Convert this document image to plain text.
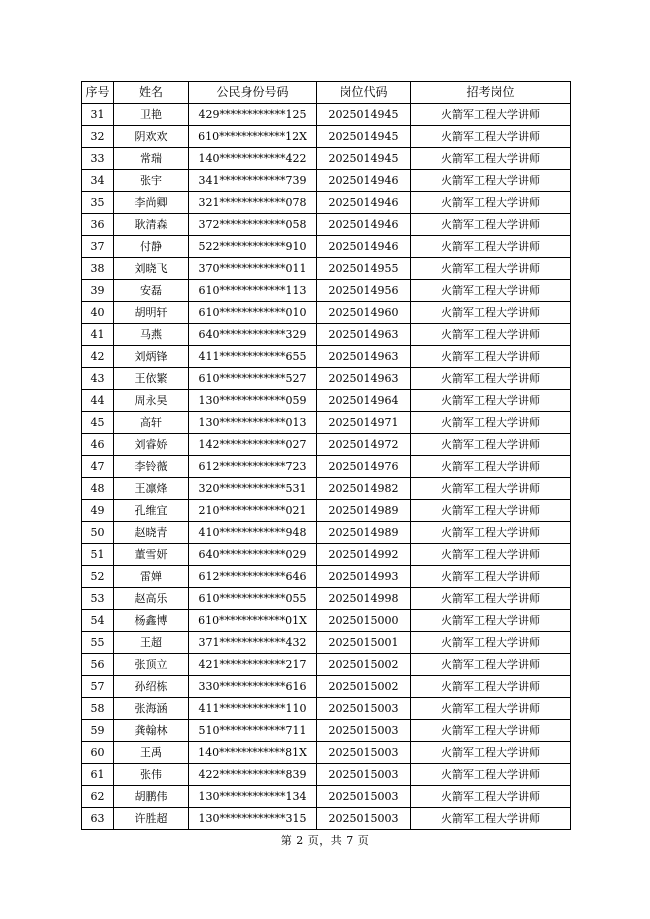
序号	姓名	公民身份号码	岗位代码	招考岗位
31	卫艳	429************125	2025014945	火箭军工程大学讲师
32	阴欢欢	610************12X	2025014945	火箭军工程大学讲师
33	常瑞	140************422	2025014945	火箭军工程大学讲师
34	张宇	341************739	2025014946	火箭军工程大学讲师
35	李尚卿	321************078	2025014946	火箭军工程大学讲师
36	耿清森	372************058	2025014946	火箭军工程大学讲师
37	付静	522************910	2025014946	火箭军工程大学讲师
38	刘晓飞	370************011	2025014955	火箭军工程大学讲师
39	安磊	610************113	2025014956	火箭军工程大学讲师
40	胡明轩	610************010	2025014960	火箭军工程大学讲师
41	马燕	640************329	2025014963	火箭军工程大学讲师
42	刘炳锋	411************655	2025014963	火箭军工程大学讲师
43	王依繁	610************527	2025014963	火箭军工程大学讲师
44	周永昊	130************059	2025014964	火箭军工程大学讲师
45	高轩	130************013	2025014971	火箭军工程大学讲师
46	刘睿娇	142************027	2025014972	火箭军工程大学讲师
47	李铃薇	612************723	2025014976	火箭军工程大学讲师
48	王凛烽	320************531	2025014982	火箭军工程大学讲师
49	孔维宜	210************021	2025014989	火箭军工程大学讲师
50	赵晓青	410************948	2025014989	火箭军工程大学讲师
51	董雪妍	640************029	2025014992	火箭军工程大学讲师
52	雷婵	612************646	2025014993	火箭军工程大学讲师
53	赵高乐	610************055	2025014998	火箭军工程大学讲师
54	杨鑫博	610************01X	2025015000	火箭军工程大学讲师
55	王超	371************432	2025015001	火箭军工程大学讲师
56	张顶立	421************217	2025015002	火箭军工程大学讲师
57	孙绍栋	330************616	2025015002	火箭军工程大学讲师
58	张海涵	411************110	2025015003	火箭军工程大学讲师
59	龚翰林	510************711	2025015003	火箭军工程大学讲师
60	王禹	140************81X	2025015003	火箭军工程大学讲师
61	张伟	422************839	2025015003	火箭军工程大学讲师
62	胡鹏伟	130************134	2025015003	火箭军工程大学讲师
63	许胜超	130************315	2025015003	火箭军工程大学讲师
第 2 页，共 7 页
